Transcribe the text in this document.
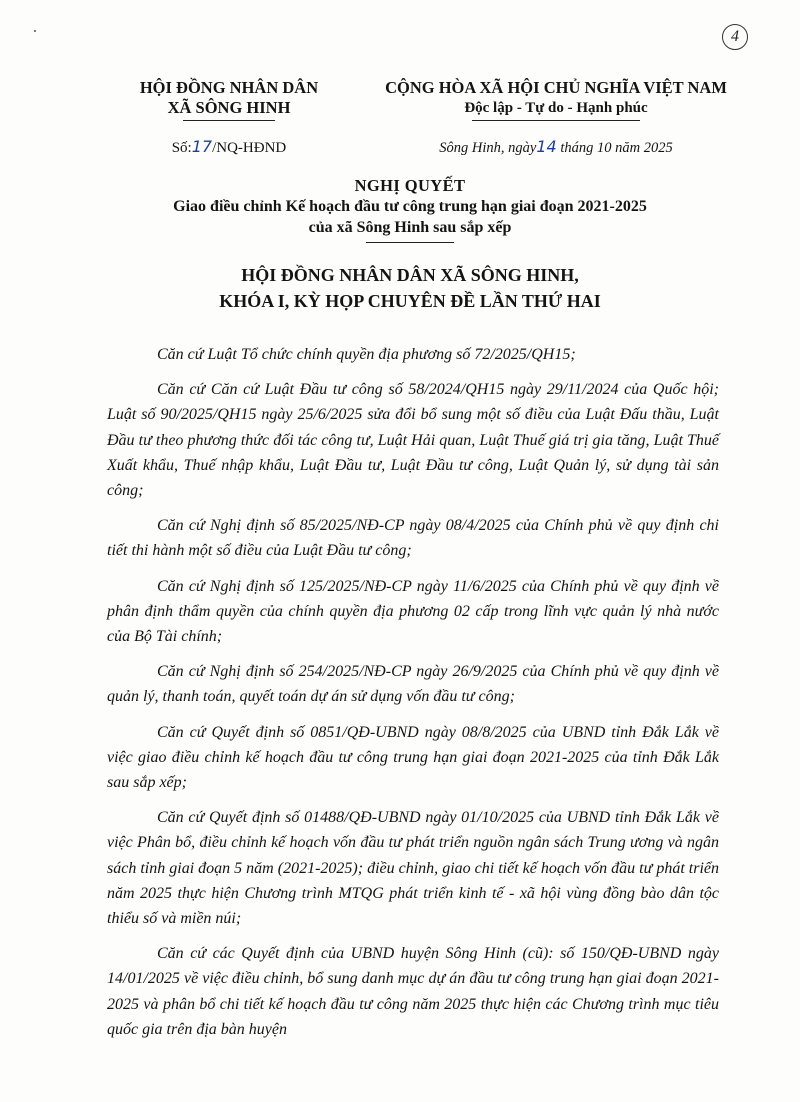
4
HỘI ĐỒNG NHÂN DÂN
XÃ SÔNG HINH
Số:17/NQ-HĐND
CỘNG HÒA XÃ HỘI CHỦ NGHĨA VIỆT NAM
Độc lập - Tự do - Hạnh phúc
Sông Hinh, ngày14 tháng 10 năm 2025
NGHỊ QUYẾT
Giao điều chỉnh Kế hoạch đầu tư công trung hạn giai đoạn 2021-2025
của xã Sông Hinh sau sắp xếp
HỘI ĐỒNG NHÂN DÂN XÃ SÔNG HINH,
KHÓA I, KỲ HỌP CHUYÊN ĐỀ LẦN THỨ HAI

Căn cứ Luật Tổ chức chính quyền địa phương số 72/2025/QH15;

Căn cứ Căn cứ Luật Đầu tư công số 58/2024/QH15 ngày 29/11/2024 của Quốc hội; Luật số 90/2025/QH15 ngày 25/6/2025 sửa đổi bổ sung một số điều của Luật Đấu thầu, Luật Đầu tư theo phương thức đối tác công tư, Luật Hải quan, Luật Thuế giá trị gia tăng, Luật Thuế Xuất khẩu, Thuế nhập khẩu, Luật Đầu tư, Luật Đầu tư công, Luật Quản lý, sử dụng tài sản công;

Căn cứ Nghị định số 85/2025/NĐ-CP ngày 08/4/2025 của Chính phủ về quy định chi tiết thi hành một số điều của Luật Đầu tư công;

Căn cứ Nghị định số 125/2025/NĐ-CP ngày 11/6/2025 của Chính phủ về quy định về phân định thẩm quyền của chính quyền địa phương 02 cấp trong lĩnh vực quản lý nhà nước của Bộ Tài chính;

Căn cứ Nghị định số 254/2025/NĐ-CP ngày 26/9/2025 của Chính phủ về quy định về quản lý, thanh toán, quyết toán dự án sử dụng vốn đầu tư công;

Căn cứ Quyết định số 0851/QĐ-UBND ngày 08/8/2025 của UBND tỉnh Đắk Lắk về việc giao điều chỉnh kế hoạch đầu tư công trung hạn giai đoạn 2021-2025 của tỉnh Đắk Lắk sau sắp xếp;

Căn cứ Quyết định số 01488/QĐ-UBND ngày 01/10/2025 của UBND tỉnh Đắk Lắk về việc Phân bổ, điều chỉnh kế hoạch vốn đầu tư phát triển nguồn ngân sách Trung ương và ngân sách tỉnh giai đoạn 5 năm (2021-2025); điều chỉnh, giao chi tiết kế hoạch vốn đầu tư phát triển năm 2025 thực hiện Chương trình MTQG phát triển kinh tế - xã hội vùng đồng bào dân tộc thiểu số và miền núi;

Căn cứ các Quyết định của UBND huyện Sông Hinh (cũ): số 150/QĐ-UBND ngày 14/01/2025 về việc điều chỉnh, bổ sung danh mục dự án đầu tư công trung hạn giai đoạn 2021-2025 và phân bổ chi tiết kế hoạch đầu tư công năm 2025 thực hiện các Chương trình mục tiêu quốc gia trên địa bàn huyện
